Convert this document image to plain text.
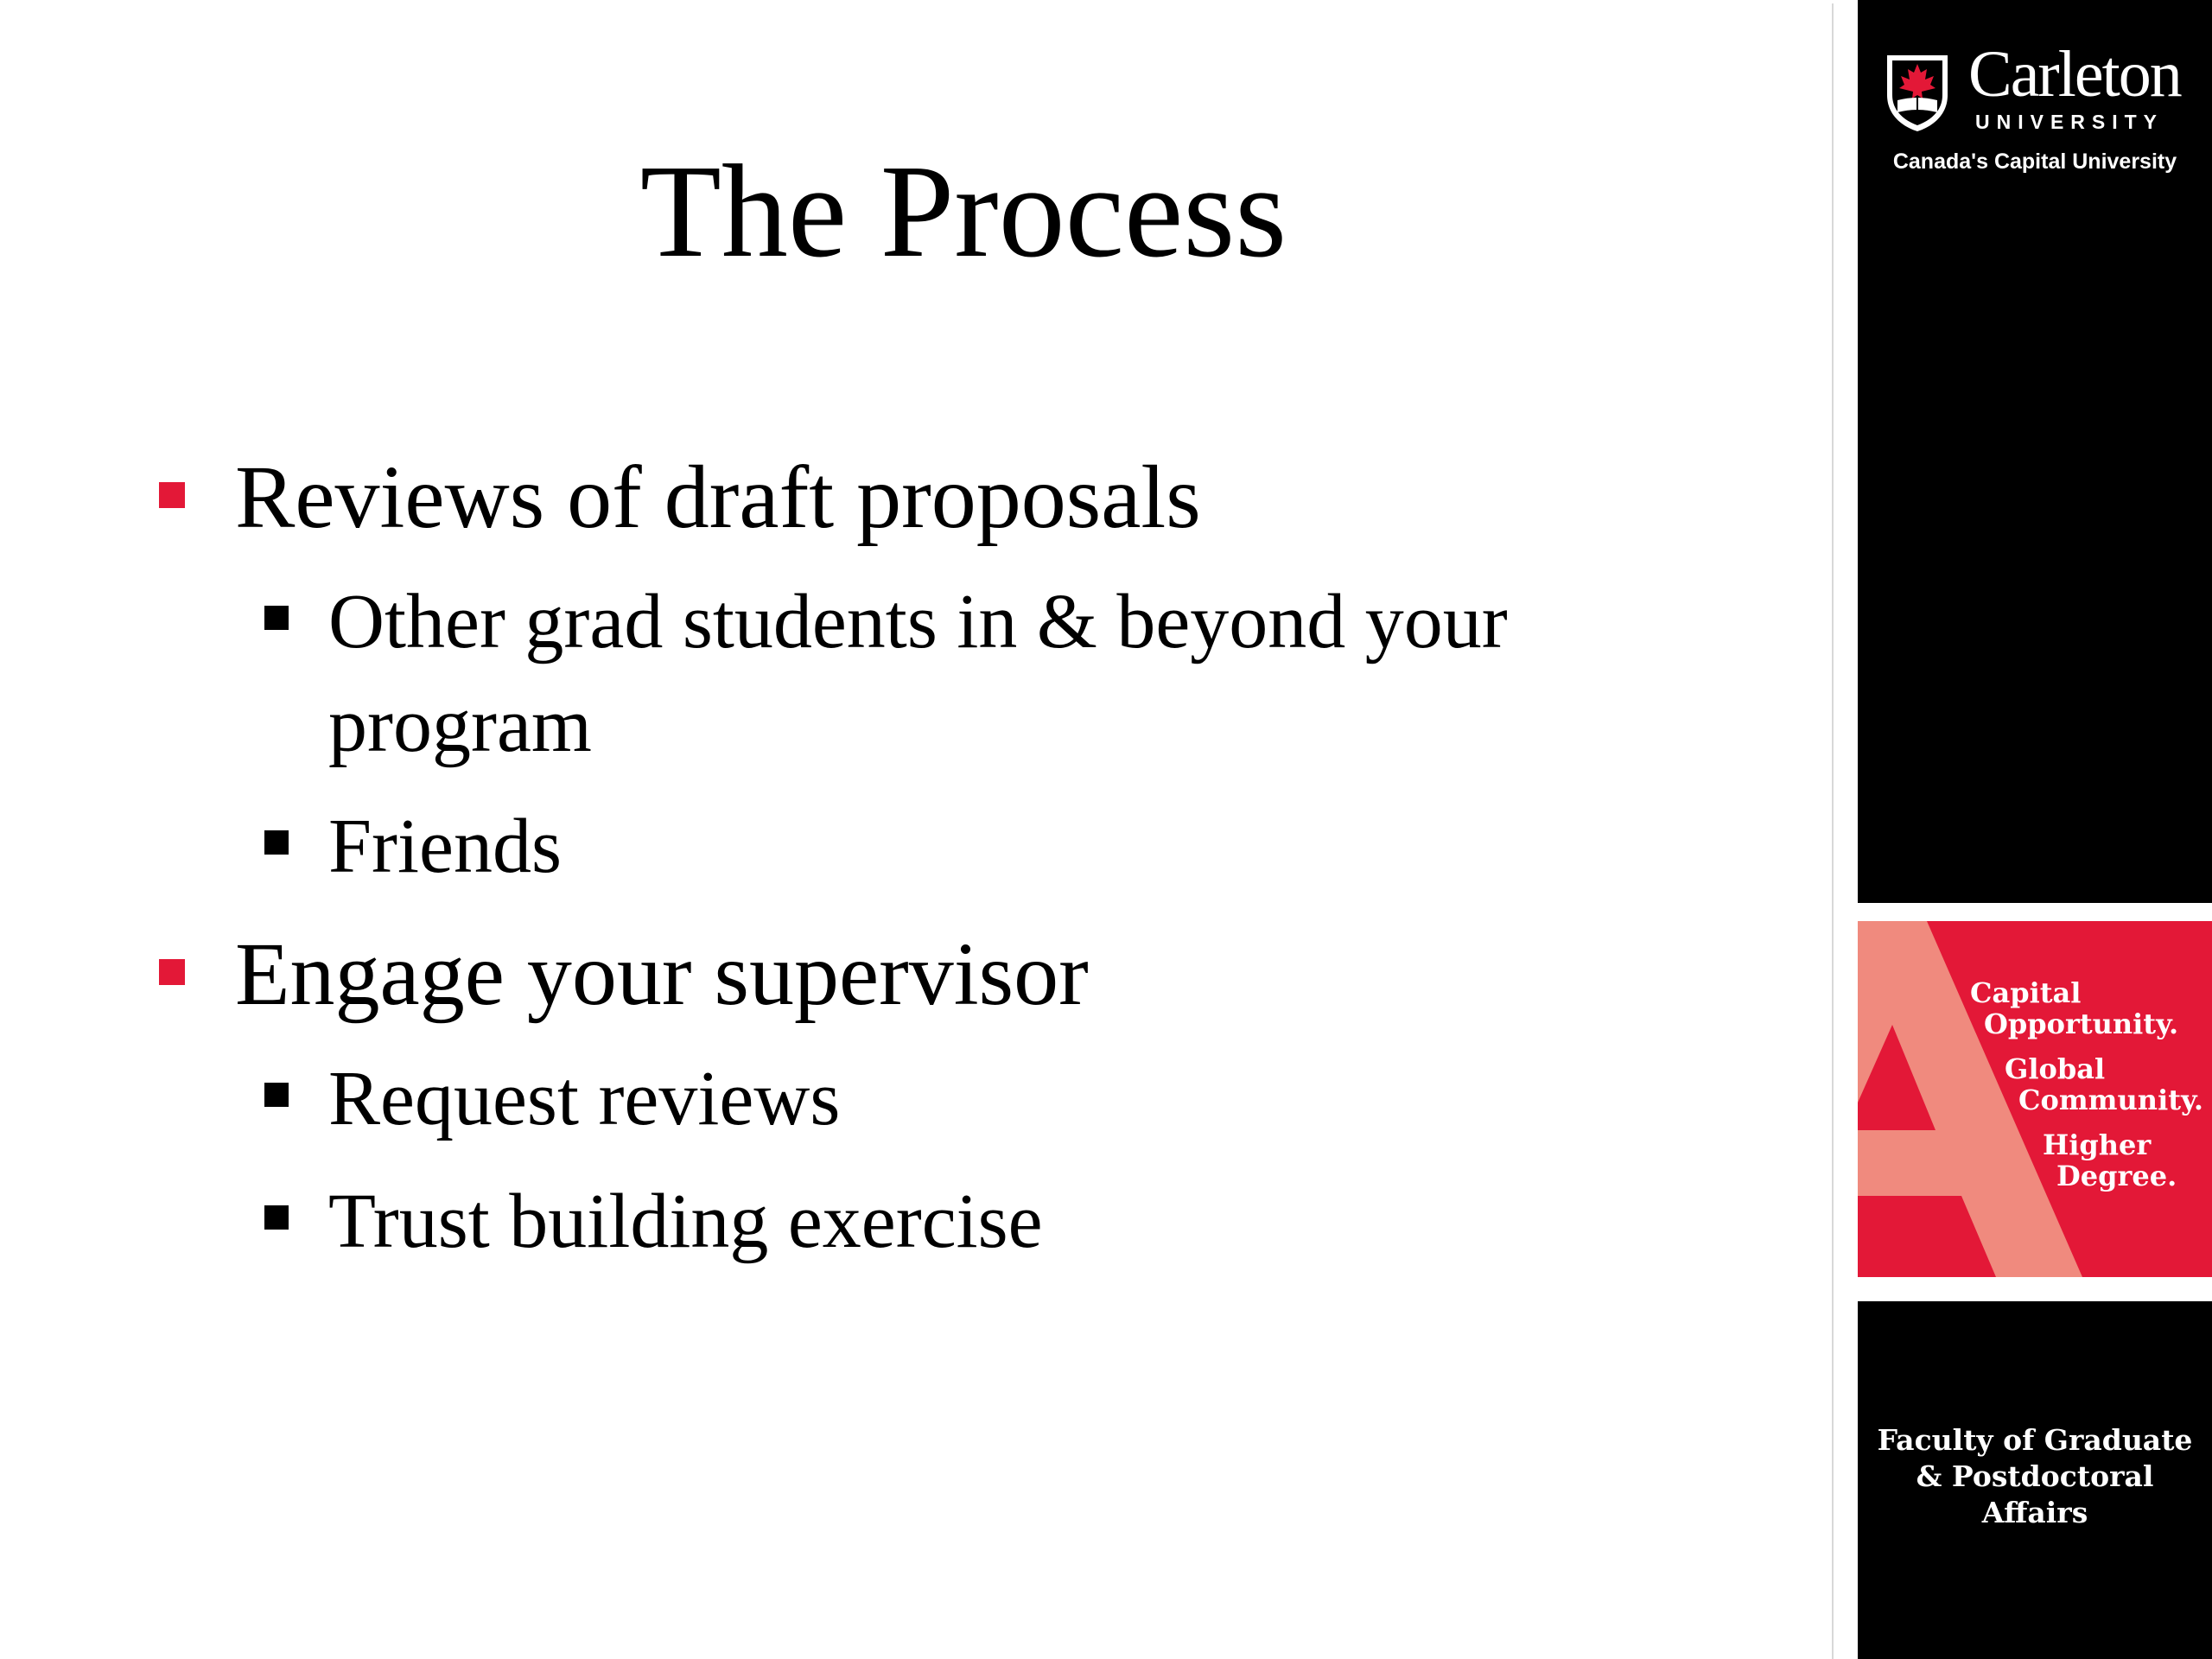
The Process
Reviews of draft proposals
Other grad students in & beyond your program
Friends
Engage your supervisor
Request reviews
Trust building exercise
Carleton
UNIVERSITY
Canada's Capital University
Capital
Opportunity.
Global
Community.
Higher
Degree.
Faculty of Graduate
& Postdoctoral
Affairs
